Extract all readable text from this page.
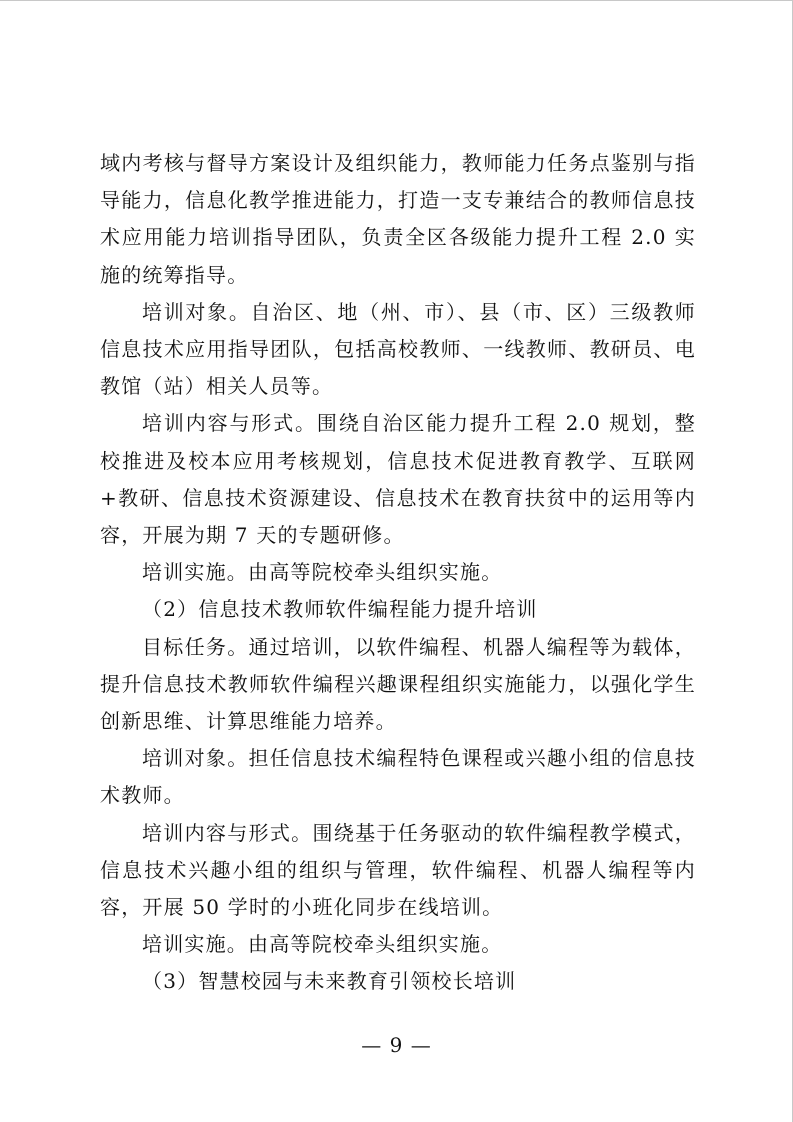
域内考核与督导方案设计及组织能力，教师能力任务点鉴别与指导能力，信息化教学推进能力，打造一支专兼结合的教师信息技术应用能力培训指导团队，负责全区各级能力提升工程 2.0 实施的统筹指导。

培训对象。自治区、地（州、市）、县（市、区）三级教师信息技术应用指导团队，包括高校教师、一线教师、教研员、电教馆（站）相关人员等。

培训内容与形式。围绕自治区能力提升工程 2.0 规划，整校推进及校本应用考核规划，信息技术促进教育教学、互联网+教研、信息技术资源建设、信息技术在教育扶贫中的运用等内容，开展为期 7 天的专题研修。

培训实施。由高等院校牵头组织实施。

（2）信息技术教师软件编程能力提升培训

目标任务。通过培训，以软件编程、机器人编程等为载体，提升信息技术教师软件编程兴趣课程组织实施能力，以强化学生创新思维、计算思维能力培养。

培训对象。担任信息技术编程特色课程或兴趣小组的信息技术教师。

培训内容与形式。围绕基于任务驱动的软件编程教学模式，信息技术兴趣小组的组织与管理，软件编程、机器人编程等内容，开展 50 学时的小班化同步在线培训。

培训实施。由高等院校牵头组织实施。

（3）智慧校园与未来教育引领校长培训

— 9 —
